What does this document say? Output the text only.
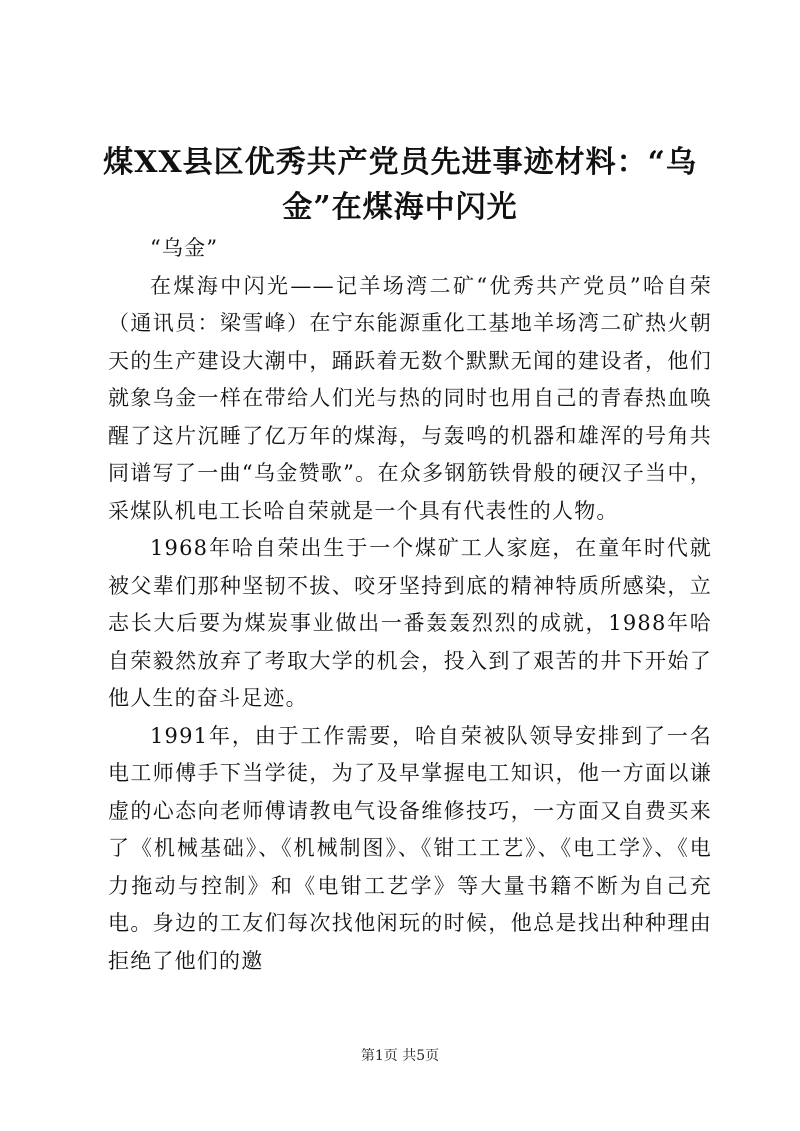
煤XX县区优秀共产党员先进事迹材料：“乌金”在煤海中闪光

“乌金”

在煤海中闪光——记羊场湾二矿“优秀共产党员”哈自荣（通讯员：梁雪峰）在宁东能源重化工基地羊场湾二矿热火朝天的生产建设大潮中，踊跃着无数个默默无闻的建设者，他们就象乌金一样在带给人们光与热的同时也用自己的青春热血唤醒了这片沉睡了亿万年的煤海，与轰鸣的机器和雄浑的号角共同谱写了一曲“乌金赞歌”。在众多钢筋铁骨般的硬汉子当中，采煤队机电工长哈自荣就是一个具有代表性的人物。

1968年哈自荣出生于一个煤矿工人家庭，在童年时代就被父辈们那种坚韧不拔、咬牙坚持到底的精神特质所感染，立志长大后要为煤炭事业做出一番轰轰烈烈的成就，1988年哈自荣毅然放弃了考取大学的机会，投入到了艰苦的井下开始了他人生的奋斗足迹。

1991年，由于工作需要，哈自荣被队领导安排到了一名电工师傅手下当学徒，为了及早掌握电工知识，他一方面以谦虚的心态向老师傅请教电气设备维修技巧，一方面又自费买来了《机械基础》、《机械制图》、《钳工工艺》、《电工学》、《电力拖动与控制》和《电钳工艺学》等大量书籍不断为自己充电。身边的工友们每次找他闲玩的时候，他总是找出种种理由拒绝了他们的邀

第1页 共5页
